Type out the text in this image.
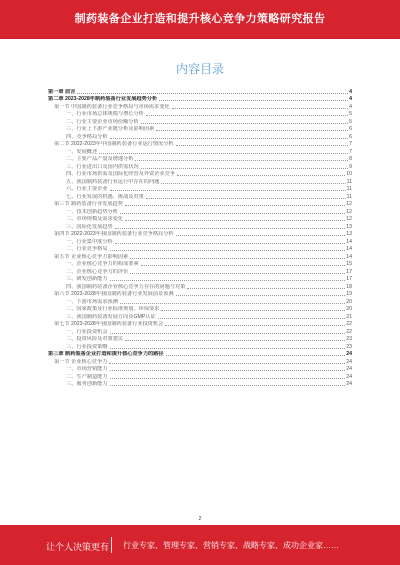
制药装备企业打造和提升核心竞争力策略研究报告
内容目录
第一章 前言	4
第二章 2023-2028年制药装备行业发展趋势分析	4
第一节 中国制药装备行业竞争格局与市场需求变化	4
一、行业市场总体规模与增长分析	5
二、行业主要企业市场份额分析	5
三、行业上下游产业链分析及影响因素	6
四、竞争格局分析	6
第二节 2022-2023年中国制药装备行业运行情况分析	7
一、发展概述	7
二、主要产品产量及增速分析	8
三、行业进出口及国内供需状况	9
四、行业市场供需及国际化经营及外资企业竞争	10
五、我国制药装备行业运行中存在的问题	11
六、行业主要企业	11
七、行业发展的机遇、挑战及对策	11
第三节 制药装备行业发展趋势	12
一、技术创新趋势分析	12
二、市场规模及需求变化	12
三、国际化发展趋势	13
第四节 2022-2023年我国制药装备行业竞争格局分析	13
一、行业集中度分析	14
二、行业竞争格局	14
第五节 企业核心竞争力影响因素	14
一、企业核心竞争力的构成要素	15
二、企业核心竞争力的评价	17
三、研发创新能力	17
四、我国制药装备企业核心竞争力存在的问题与对策	18
第六节 2023-2028年我国制药装备行业发展前景预测	19
一、下游市场需求预测	20
二、国家政策及行业标准规划、环保要求	20
三、我国制药装备发展方向及GMP认证	21
第七节 2023-2028年我国制药装备行业投资机会	22
一、行业投资机会	22
二、投资风险及对策建议	23
三、行业投资策略	23
第三章 制药装备企业打造和提升核心竞争力的路径	24
第一节 企业核心竞争力	24
一、市场营销能力	24
二、生产制造能力	24
三、服务创新能力	24
2
让个人决策更有 行业专家、管理专家、营销专家、战略专家、成功企业家……
